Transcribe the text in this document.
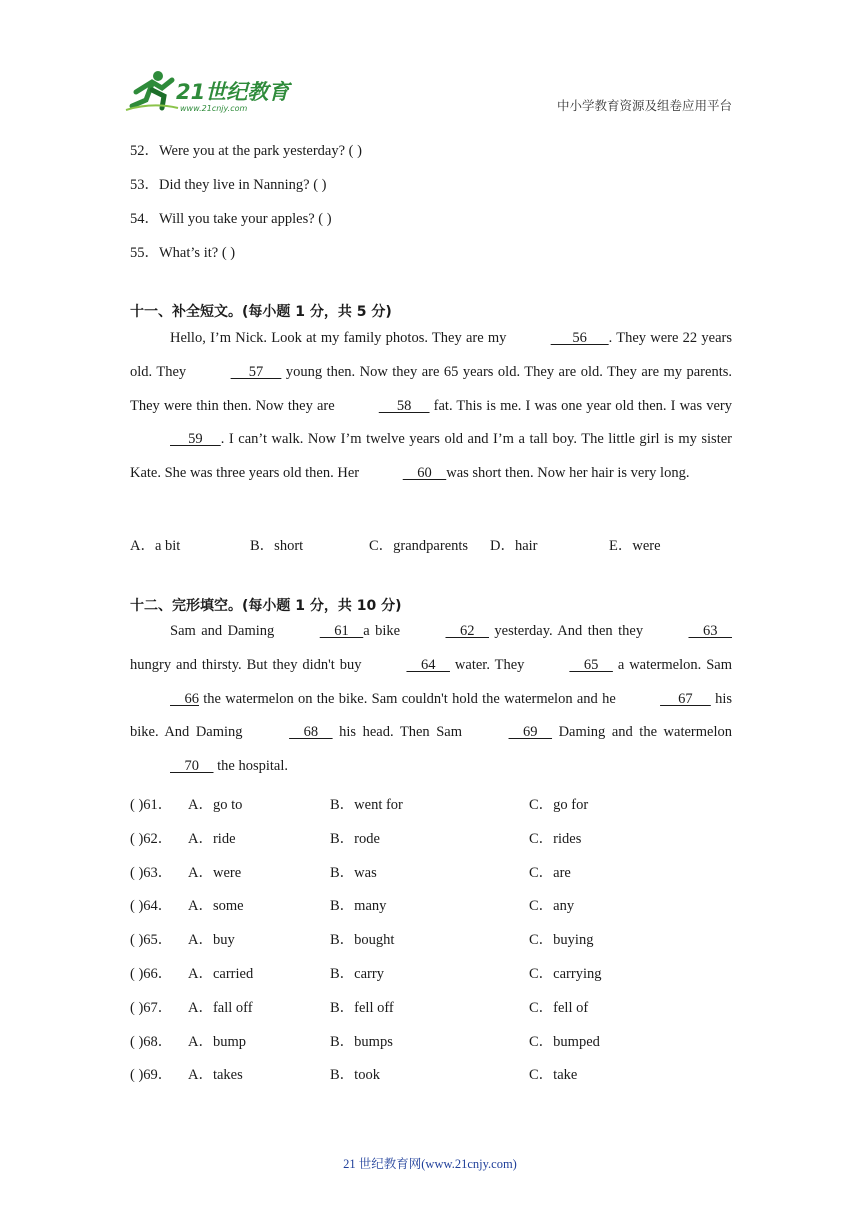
21世纪教育
www.21cnjy.com	中小学教育资源及组卷应用平台
52．Were you at the park yesterday? ( )
53．Did they live in Nanning? ( )
54．Will you take your apples? ( )
55．What’s it? ( )
十一、补全短文。(每小题 1 分，共 5 分)
Hello, I’m Nick. Look at my family photos. They are my	56      . They were 22 years old. They	57      young then. Now they are 65 years old. They are old. They are my parents. They were thin then. Now they are	58      fat. This is me. I was one year old then. I was very      59     . I can’t walk. Now I’m twelve years old and I’m a tall boy. The little girl is my sister Kate. She was three years old then. Her	60    was short then. Now her hair is very long.
A．a bit	B．short	C．grandparents D．hair	E．were
十二、完形填空。(每小题 1 分，共 10 分)
Sam and Daming	61    a bike	62     yesterday. And then they	63     hungry and thirsty. But they didn't buy	64     water. They	65     a watermelon. Sam     66 the watermelon on the bike. Sam couldn't hold the watermelon and he	67      his bike. And Daming	68     his head. Then Sam	69     Daming and the watermelon     70     the hospital.
( )61． A．go to	B．went for	C．go for
( )62． A．ride	B．rode	C．rides
( )63． A．were	B．was	C．are
( )64． A．some	B．many	C．any
( )65． A．buy	B．bought	C．buying
( )66． A．carried	B．carry	C．carrying
( )67． A．fall off	B．fell off	C．fell of
( )68． A．bump	B．bumps	C．bumped
( )69． A．takes	B．took	C．take
21 世纪教育网(www.21cnjy.com)
